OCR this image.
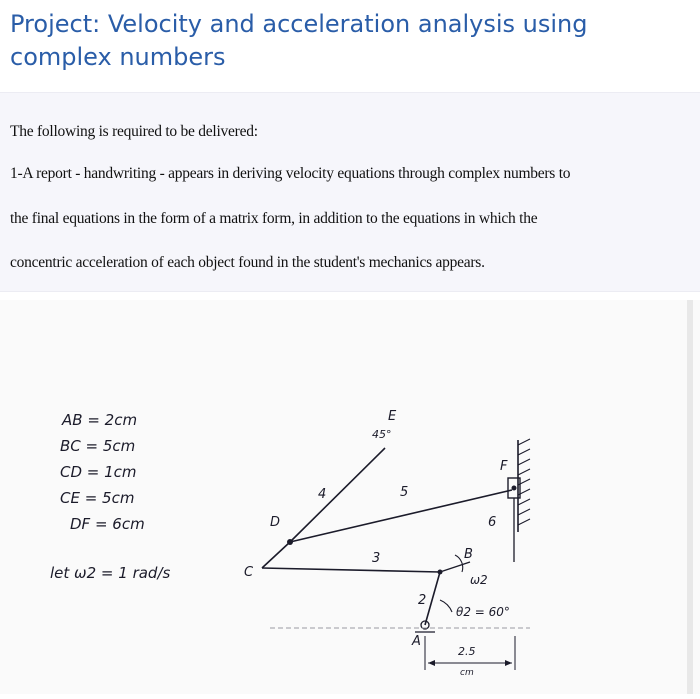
Project: Velocity and acceleration analysis using

complex numbers

The following is required to be delivered:
1-A report - handwriting - appears in deriving velocity equations through complex numbers to
the final equations in the form of a matrix form, in addition to the equations in which the
concentric acceleration of each object found in the student's mechanics appears.
AB = 2cm
BC = 5cm
CD = 1cm
CE = 5cm
DF = 6cm
let ω2 = 1 rad/s
E
45°
F
D
C
B
A
4	5
6
3
2
ω2
θ2 = 60°
2.5
cm
